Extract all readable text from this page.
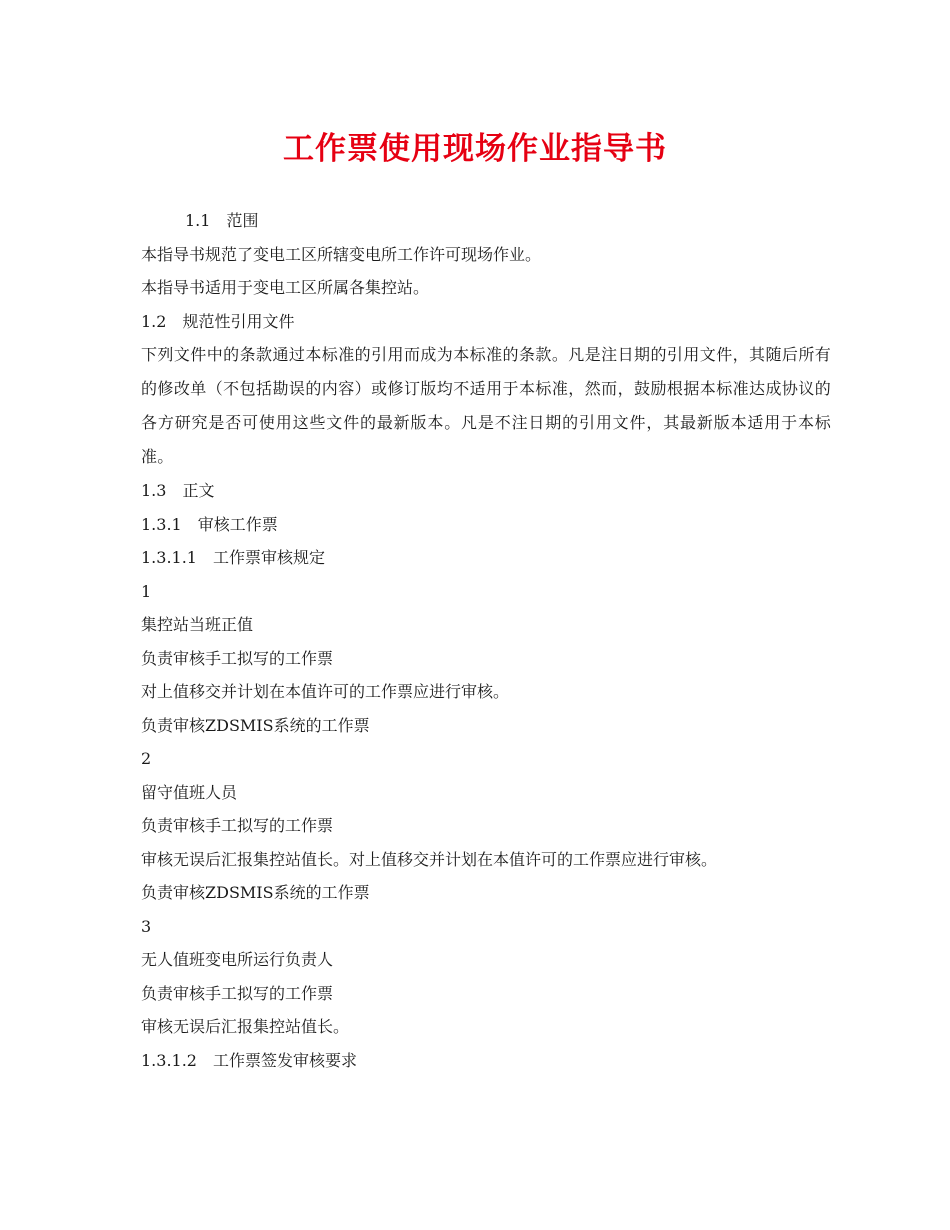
工作票使用现场作业指导书
1.1 范围
本指导书规范了变电工区所辖变电所工作许可现场作业。
本指导书适用于变电工区所属各集控站。
1.2 规范性引用文件

下列文件中的条款通过本标准的引用而成为本标准的条款。凡是注日期的引用文件，其随后所有的修改单（不包括勘误的内容）或修订版均不适用于本标准，然而，鼓励根据本标准达成协议的各方研究是否可使用这些文件的最新版本。凡是不注日期的引用文件，其最新版本适用于本标准。

1.3 正文
1.3.1 审核工作票
1.3.1.1 工作票审核规定
1
集控站当班正值
负责审核手工拟写的工作票
对上值移交并计划在本值许可的工作票应进行审核。
负责审核ZDSMIS系统的工作票
2
留守值班人员
负责审核手工拟写的工作票
审核无误后汇报集控站值长。对上值移交并计划在本值许可的工作票应进行审核。
负责审核ZDSMIS系统的工作票
3
无人值班变电所运行负责人
负责审核手工拟写的工作票
审核无误后汇报集控站值长。
1.3.1.2 工作票签发审核要求
